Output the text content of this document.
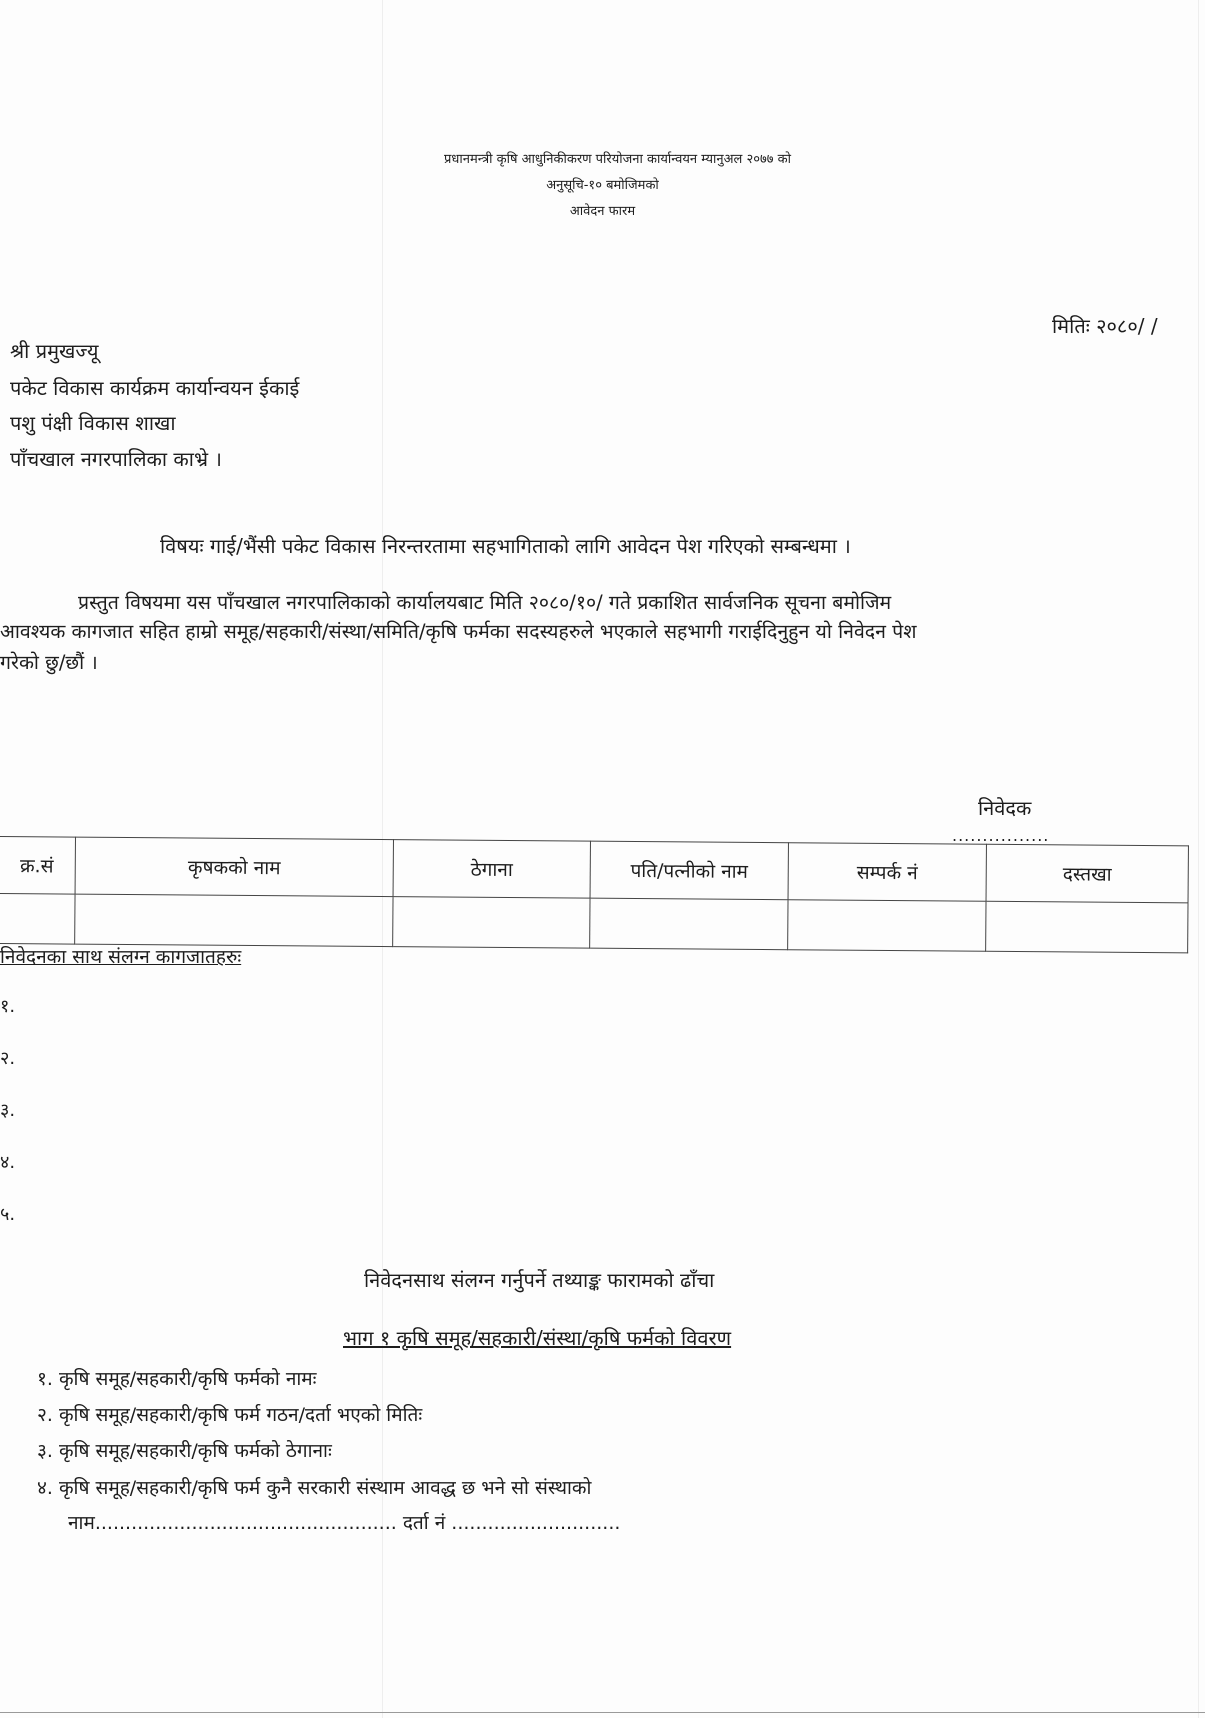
प्रधानमन्त्री कृषि आधुनिकीकरण परियोजना कार्यान्वयन म्यानुअल २०७७ को
अनुसूचि-१० बमोजिमको
आवेदन फारम
मितिः २०८०/ /
श्री प्रमुखज्यू
पकेट विकास कार्यक्रम कार्यान्वयन ईकाई
पशु पंक्षी विकास शाखा
पाँचखाल नगरपालिका काभ्रे ।
विषयः गाई/भैंसी पकेट विकास निरन्तरतामा सहभागिताको लागि आवेदन पेश गरिएको सम्बन्धमा ।
प्रस्तुत विषयमा यस पाँचखाल नगरपालिकाको कार्यालयबाट मिति २०८०/१०/ गते प्रकाशित सार्वजनिक सूचना बमोजिम
आवश्यक कागजात सहित हाम्रो समूह/सहकारी/संस्था/समिति/कृषि फर्मका सदस्यहरुले भएकाले सहभागी गराईदिनुहुन यो निवेदन पेश
गरेको छु/छौं ।
निवेदक
................
क्र.सं	कृषकको नाम	ठेगाना	पति/पत्नीको नाम	सम्पर्क नं	दस्तखा

निवेदनका साथ संलग्न कागजातहरुः
१.
२.
३.
४.
५.
निवेदनसाथ संलग्न गर्नुपर्ने तथ्याङ्क फारामको ढाँचा
भाग १ कृषि समूह/सहकारी/संस्था/कृषि फर्मको विवरण
१. कृषि समूह/सहकारी/कृषि फर्मको नामः
२. कृषि समूह/सहकारी/कृषि फर्म गठन/दर्ता भएको मितिः
३. कृषि समूह/सहकारी/कृषि फर्मको ठेगानाः
४. कृषि समूह/सहकारी/कृषि फर्म कुनै सरकारी संस्थाम आवद्ध छ भने सो संस्थाको
नाम.................................................. दर्ता नं ............................
